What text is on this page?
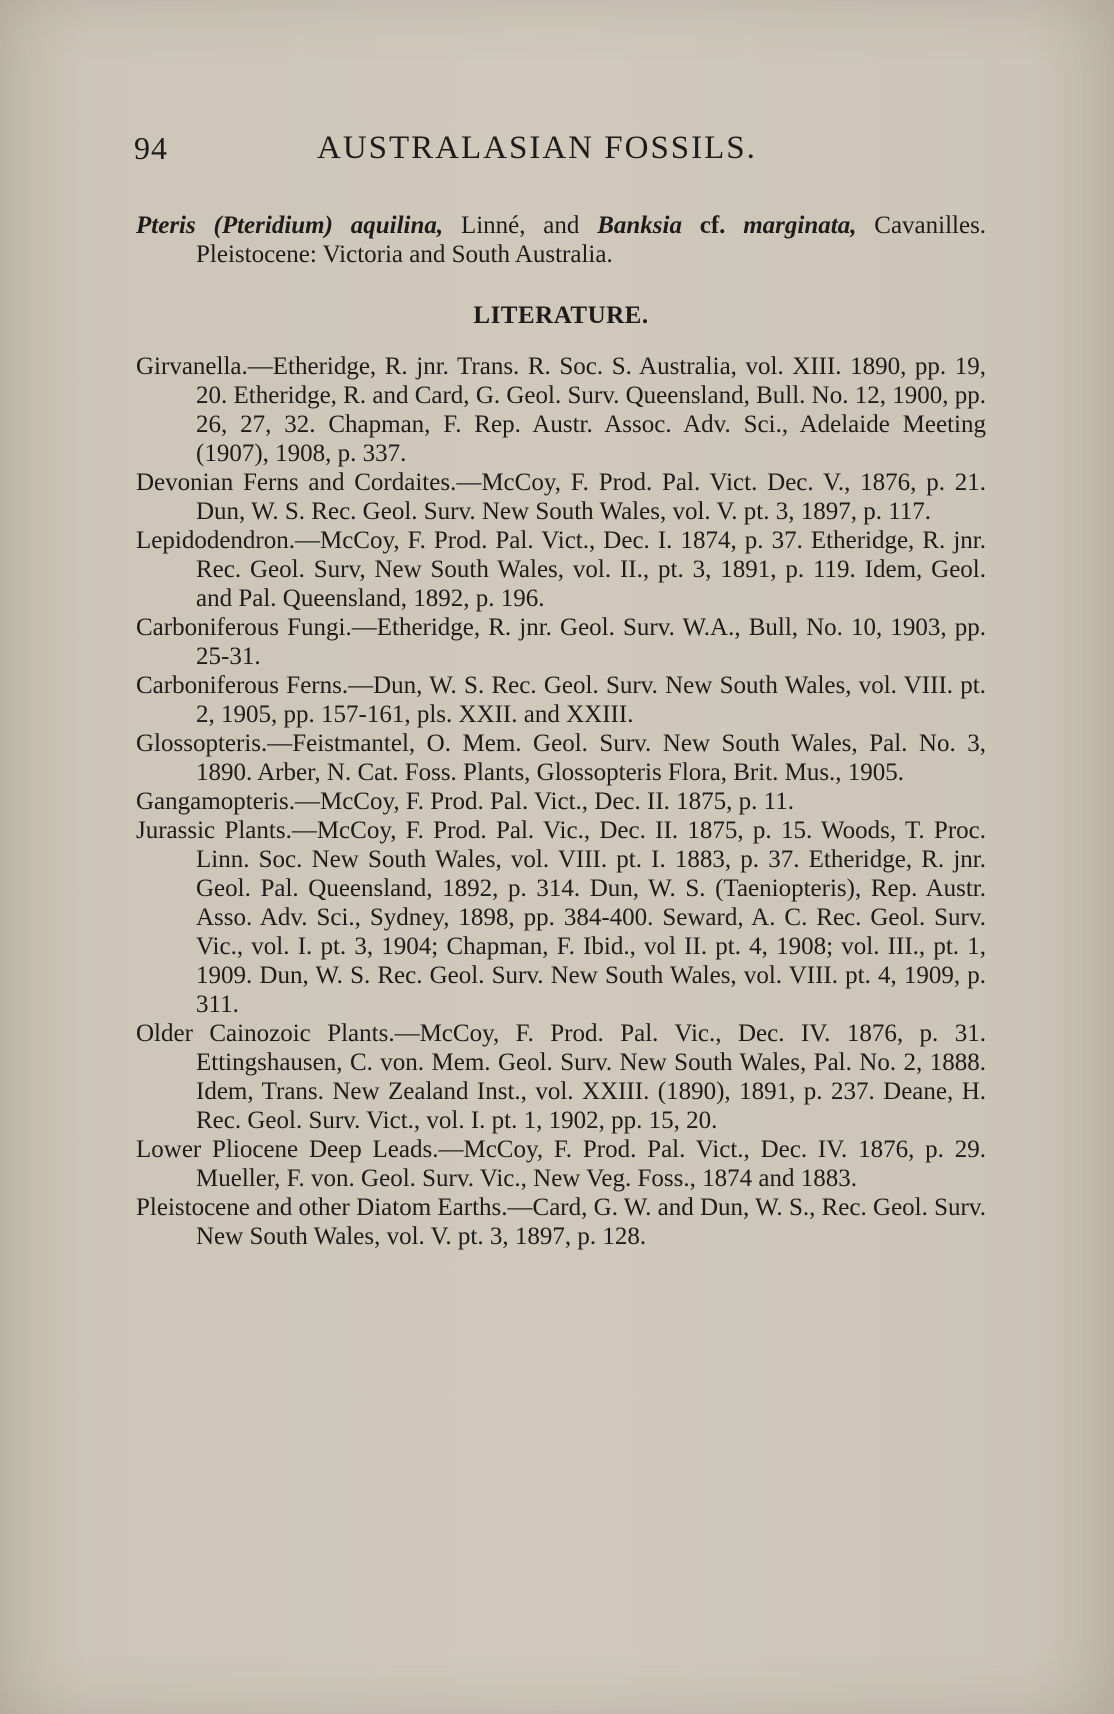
94	AUSTRALASIAN FOSSILS.

Pteris (Pteridium) aquilina, Linné, and Banksia cf. marginata, Cavanilles. Pleistocene: Victoria and South Australia.

LITERATURE.

Girvanella.—Etheridge, R. jnr. Trans. R. Soc. S. Australia, vol. XIII. 1890, pp. 19, 20. Etheridge, R. and Card, G. Geol. Surv. Queensland, Bull. No. 12, 1900, pp. 26, 27, 32. Chapman, F. Rep. Austr. Assoc. Adv. Sci., Adelaide Meeting (1907), 1908, p. 337.

Devonian Ferns and Cordaites.—McCoy, F. Prod. Pal. Vict. Dec. V., 1876, p. 21. Dun, W. S. Rec. Geol. Surv. New South Wales, vol. V. pt. 3, 1897, p. 117.

Lepidodendron.—McCoy, F. Prod. Pal. Vict., Dec. I. 1874, p. 37. Etheridge, R. jnr. Rec. Geol. Surv, New South Wales, vol. II., pt. 3, 1891, p. 119. Idem, Geol. and Pal. Queensland, 1892, p. 196.

Carboniferous Fungi.—Etheridge, R. jnr. Geol. Surv. W.A., Bull, No. 10, 1903, pp. 25-31.

Carboniferous Ferns.—Dun, W. S. Rec. Geol. Surv. New South Wales, vol. VIII. pt. 2, 1905, pp. 157-161, pls. XXII. and XXIII.

Glossopteris.—Feistmantel, O. Mem. Geol. Surv. New South Wales, Pal. No. 3, 1890. Arber, N. Cat. Foss. Plants, Glossopteris Flora, Brit. Mus., 1905.

Gangamopteris.—McCoy, F. Prod. Pal. Vict., Dec. II. 1875, p. 11.

Jurassic Plants.—McCoy, F. Prod. Pal. Vic., Dec. II. 1875, p. 15. Woods, T. Proc. Linn. Soc. New South Wales, vol. VIII. pt. I. 1883, p. 37. Etheridge, R. jnr. Geol. Pal. Queensland, 1892, p. 314. Dun, W. S. (Taeniopteris), Rep. Austr. Asso. Adv. Sci., Sydney, 1898, pp. 384-400. Seward, A. C. Rec. Geol. Surv. Vic., vol. I. pt. 3, 1904; Chapman, F. Ibid., vol II. pt. 4, 1908; vol. III., pt. 1, 1909. Dun, W. S. Rec. Geol. Surv. New South Wales, vol. VIII. pt. 4, 1909, p. 311.

Older Cainozoic Plants.—McCoy, F. Prod. Pal. Vic., Dec. IV. 1876, p. 31. Ettingshausen, C. von. Mem. Geol. Surv. New South Wales, Pal. No. 2, 1888. Idem, Trans. New Zealand Inst., vol. XXIII. (1890), 1891, p. 237. Deane, H. Rec. Geol. Surv. Vict., vol. I. pt. 1, 1902, pp. 15, 20.

Lower Pliocene Deep Leads.—McCoy, F. Prod. Pal. Vict., Dec. IV. 1876, p. 29. Mueller, F. von. Geol. Surv. Vic., New Veg. Foss., 1874 and 1883.

Pleistocene and other Diatom Earths.—Card, G. W. and Dun, W. S., Rec. Geol. Surv. New South Wales, vol. V. pt. 3, 1897, p. 128.
